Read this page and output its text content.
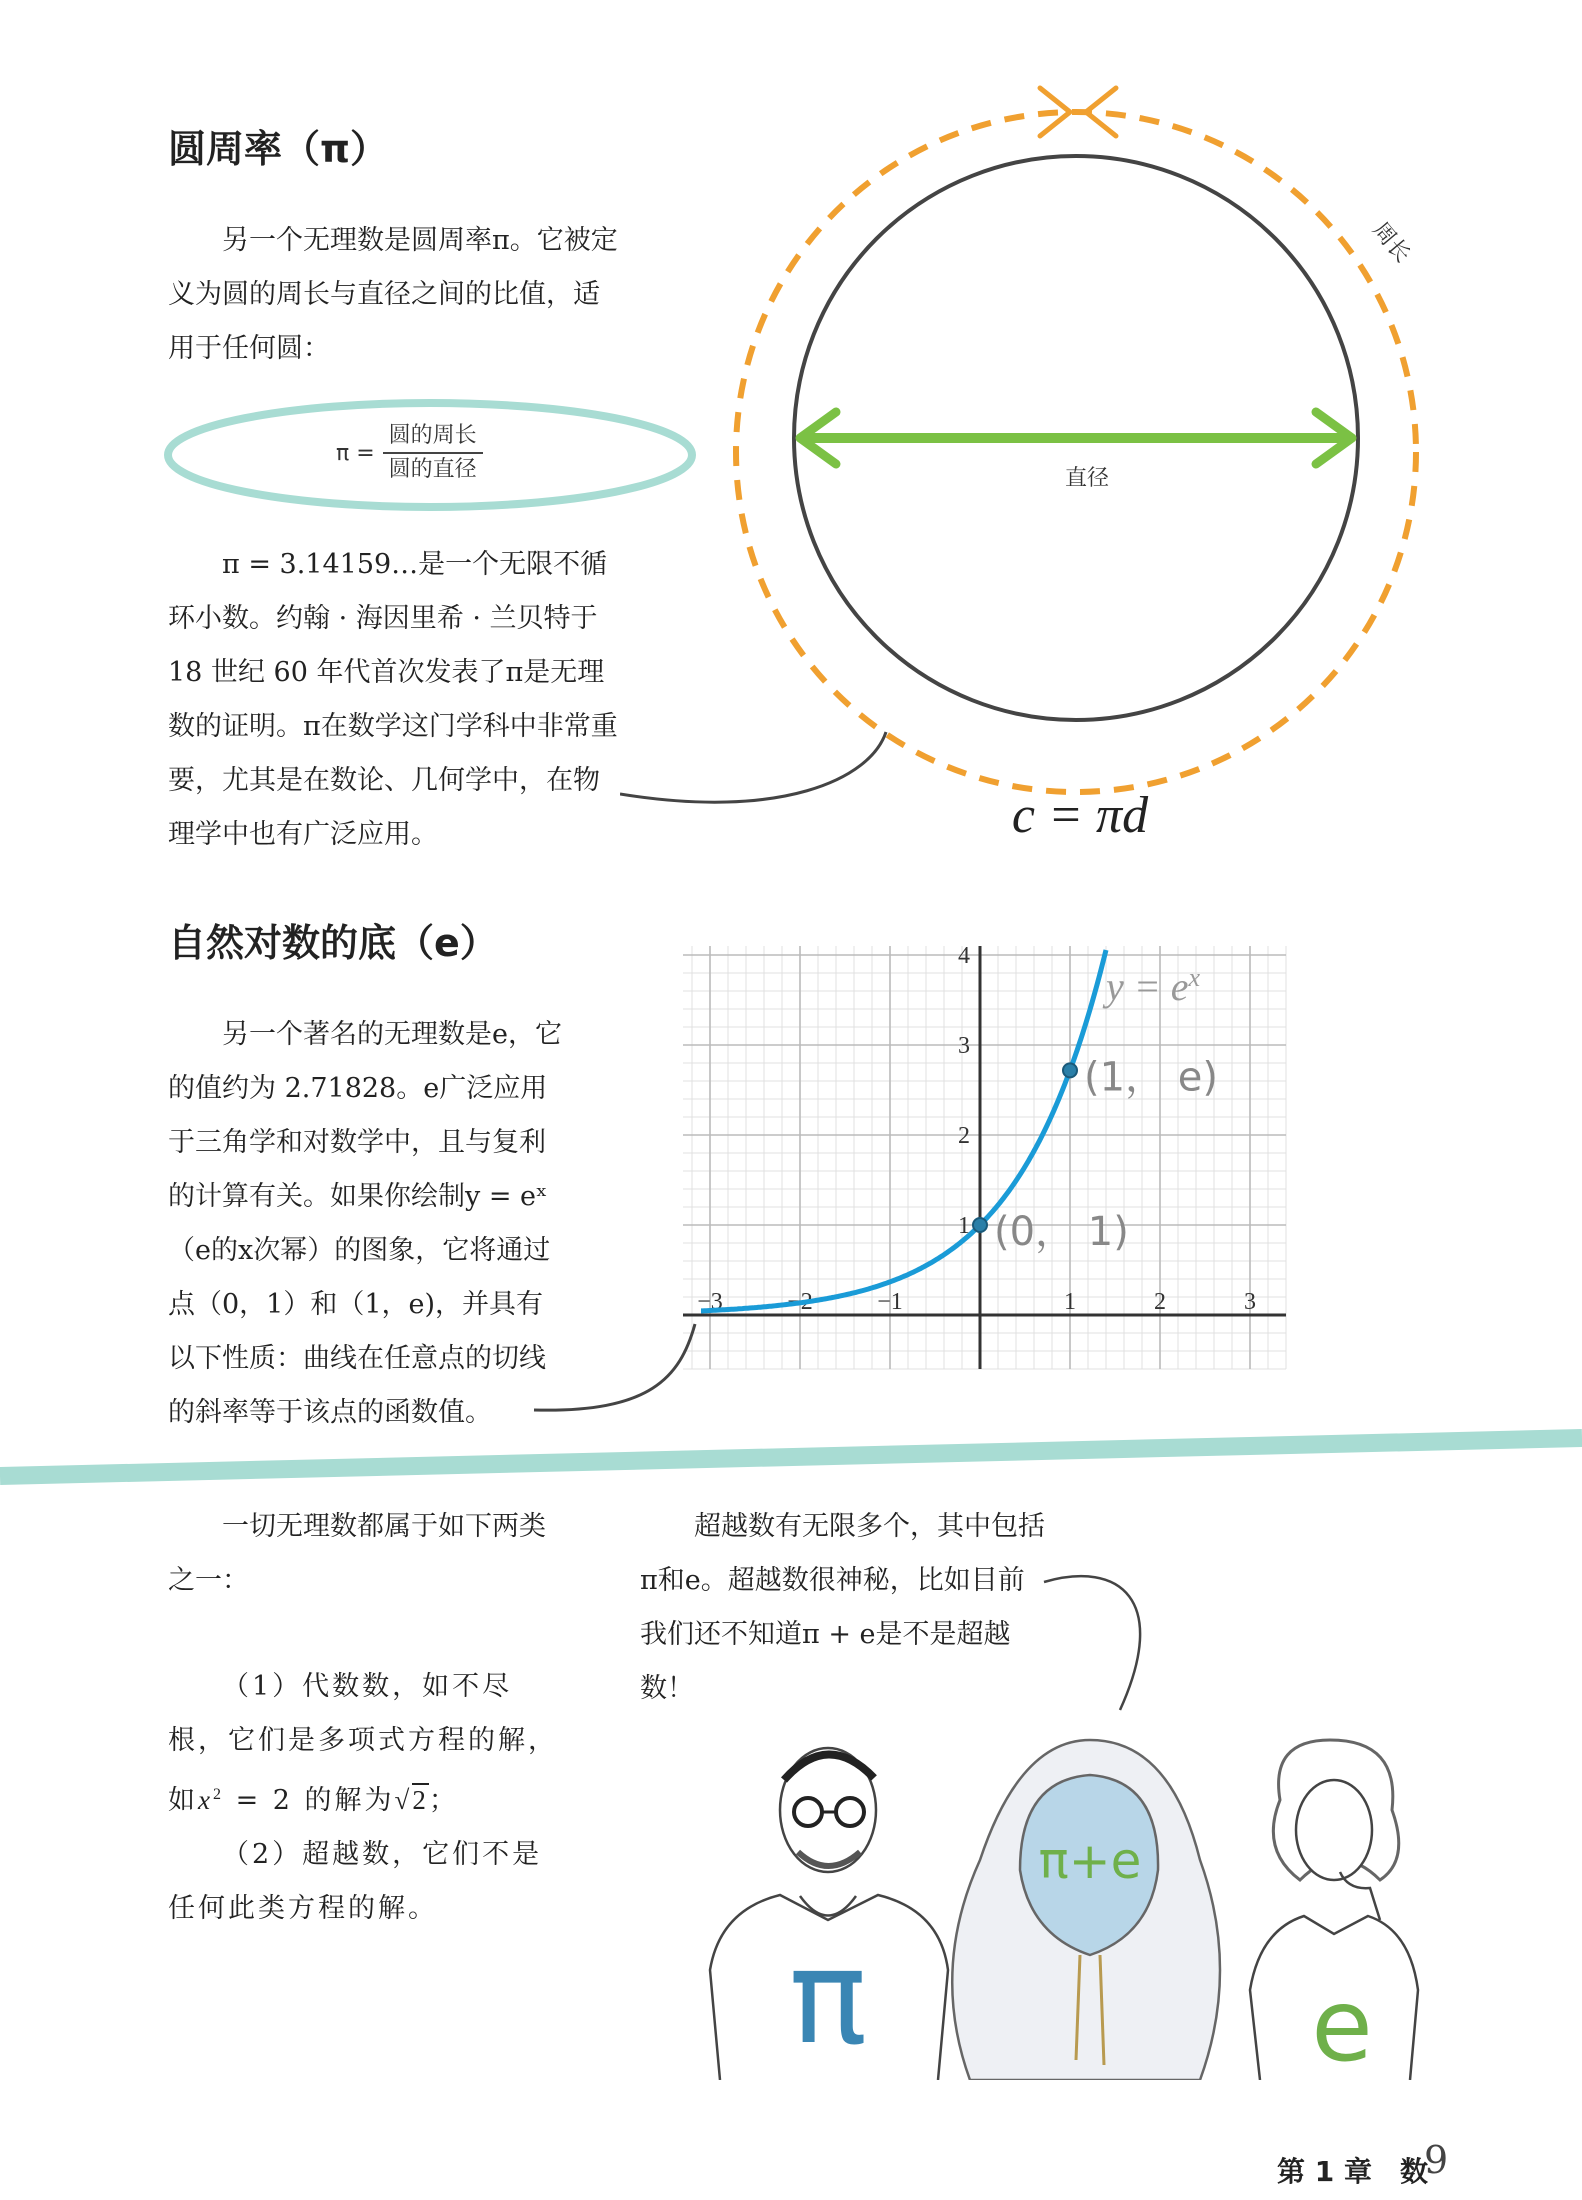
圆周率（π）
另一个无理数是圆周率π。它被定义为圆的周长与直径之间的比值，适用于任何圆：
$\pi = \frac{\text{圆的周长}}{\text{圆的直径}}$
π = 3.14159…是一个无限不循环小数。约翰 · 海因里希 · 兰贝特于 18 世纪 60 年代首次发表了π是无理数的证明。π在数学这门学科中非常重要，尤其是在数论、几何学中，在物理学中也有广泛应用。
直径
周长
c = πd
自然对数的底（e）
另一个著名的无理数是e，它的值约为 2.71828。e广泛应用于三角学和对数学中，且与复利的计算有关。如果你绘制y = eˣ（e的x次幂）的图象，它将通过点（0，1）和（1，e)，并具有以下性质：曲线在任意点的切线的斜率等于该点的函数值。
−3	−2	−1	1	2	3
1
2
3
4
(0， 1)
(1， e)
$y = e^x$
一切无理数都属于如下两类之一：

（1）代数数，如不尽根，它们是多项式方程的解，如$x^2 = 2$ 的解为√2；

（2）超越数，它们不是任何此类方程的解。

超越数有无限多个，其中包括π和e。超越数很神秘，比如目前我们还不知道π + e是不是超越数！
π
π+e
e
第 1 章　数
9
